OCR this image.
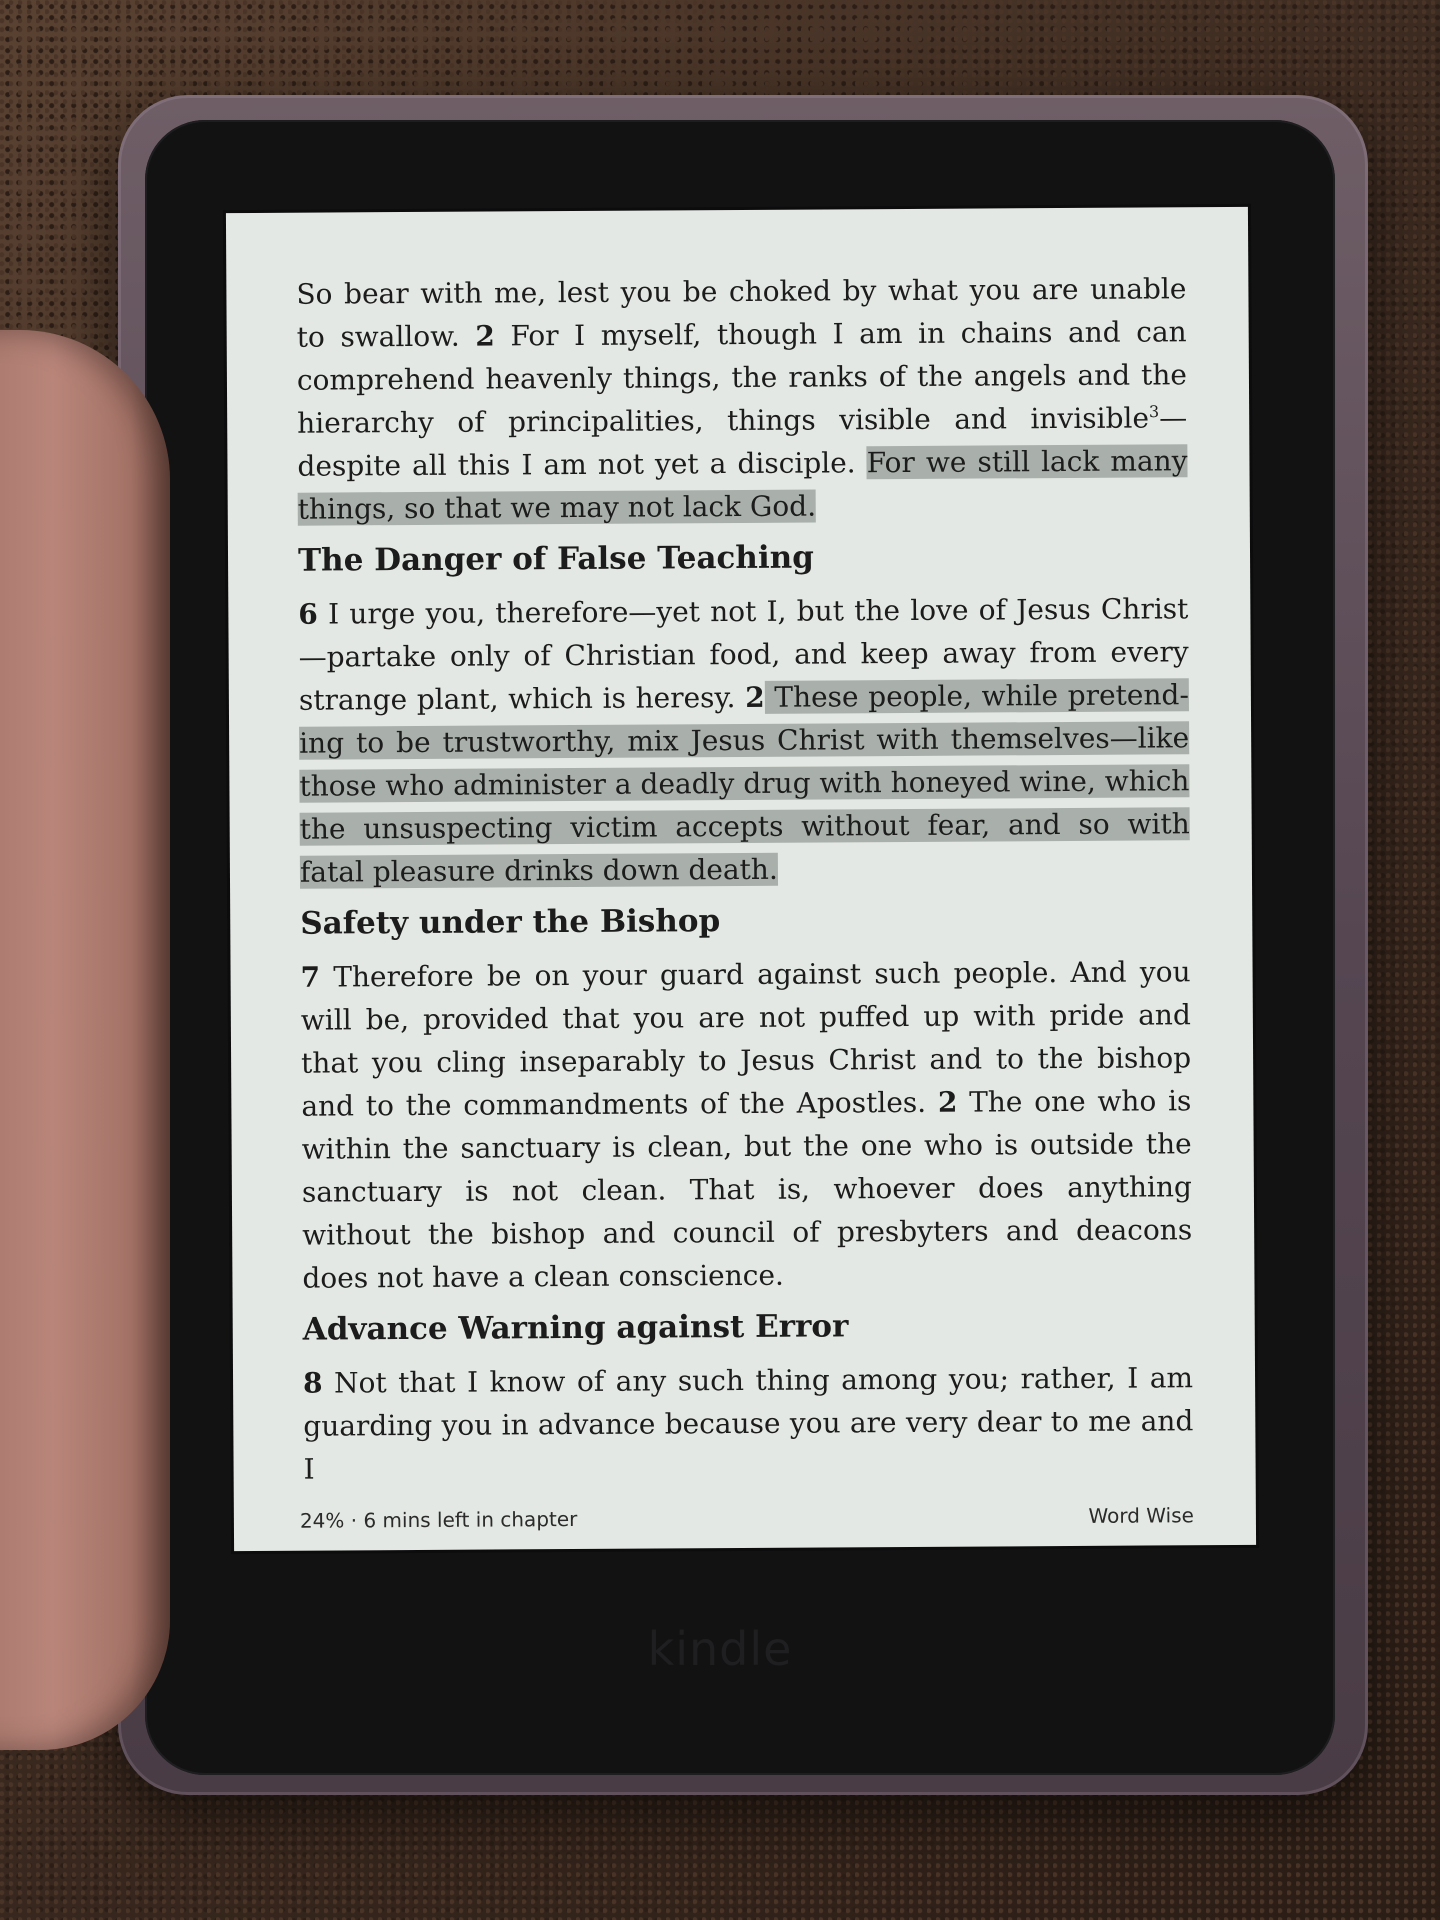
So bear with me, lest you be choked by what you are unable to swallow. 2 For I myself, though I am in chains and can comprehend heavenly things, the ranks of the angels and the hierarchy of principalities, things visible and invisible$^3$—despite all this I am not yet a disciple. For we still lack many things, so that we may not lack God.

The Danger of False Teaching

6 I urge you, therefore—yet not I, but the love of Jesus Christ —partake only of Christian food, and keep away from every strange plant, which is heresy. 2 These people, while pretending to be trustworthy, mix Jesus Christ with themselves—like those who administer a deadly drug with honeyed wine, which the unsuspecting victim accepts without fear, and so with fatal pleasure drinks down death.

Safety under the Bishop

7 Therefore be on your guard against such people. And you will be, provided that you are not puffed up with pride and that you cling inseparably to Jesus Christ and to the bishop and to the commandments of the Apostles. 2 The one who is within the sanctuary is clean, but the one who is outside the sanctuary is not clean. That is, whoever does anything without the bishop and council of presbyters and deacons does not have a clean conscience.

Advance Warning against Error

8 Not that I know of any such thing among you; rather, I am guarding you in advance because you are very dear to me and I

24% · 6 mins left in chapter	Word Wise
kindle
